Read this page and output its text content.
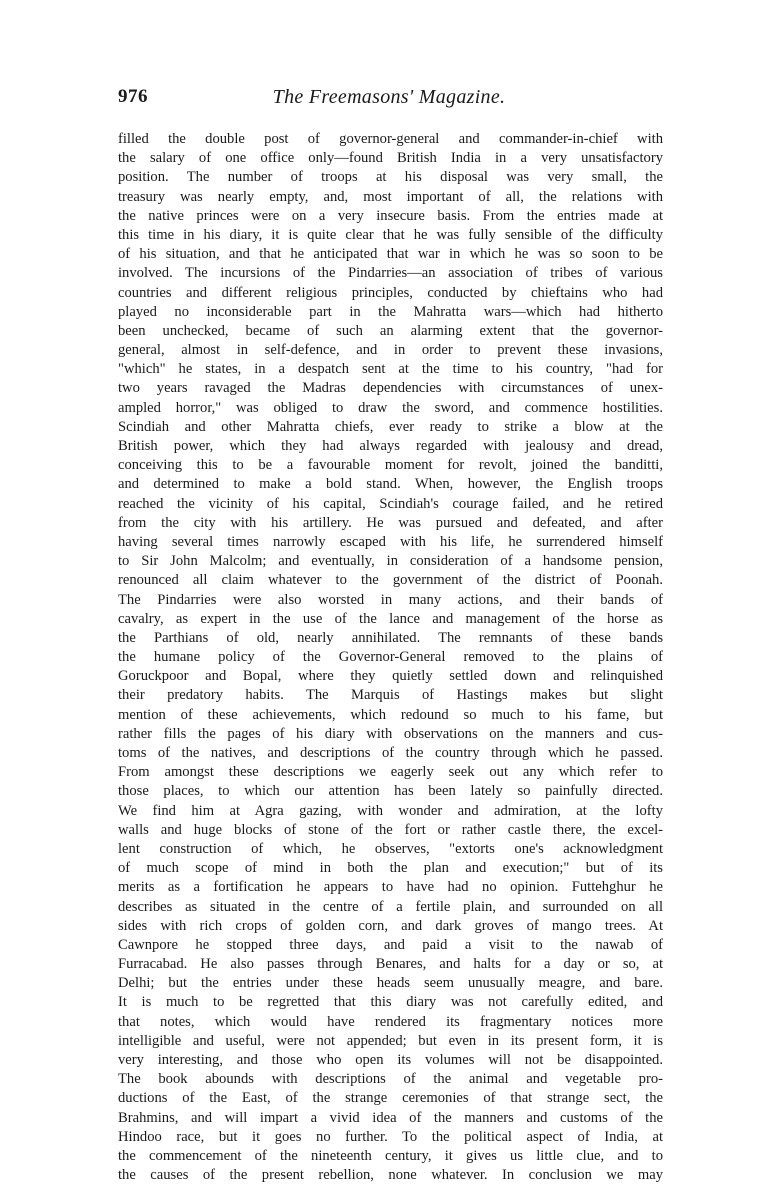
976	The Freemasons' Magazine.
filled the double post of governor-general and commander-in-chief with
the salary of one office only—found British India in a very unsatisfactory
position. The number of troops at his disposal was very small, the
treasury was nearly empty, and, most important of all, the relations with
the native princes were on a very insecure basis. From the entries made at
this time in his diary, it is quite clear that he was fully sensible of the difficulty
of his situation, and that he anticipated that war in which he was so soon to be
involved. The incursions of the Pindarries—an association of tribes of various
countries and different religious principles, conducted by chieftains who had
played no inconsiderable part in the Mahratta wars—which had hitherto
been unchecked, became of such an alarming extent that the governor-
general, almost in self-defence, and in order to prevent these invasions,
"which" he states, in a despatch sent at the time to his country, "had for
two years ravaged the Madras dependencies with circumstances of unex-
ampled horror," was obliged to draw the sword, and commence hostilities.
Scindiah and other Mahratta chiefs, ever ready to strike a blow at the
British power, which they had always regarded with jealousy and dread,
conceiving this to be a favourable moment for revolt, joined the banditti,
and determined to make a bold stand. When, however, the English troops
reached the vicinity of his capital, Scindiah's courage failed, and he retired
from the city with his artillery. He was pursued and defeated, and after
having several times narrowly escaped with his life, he surrendered himself
to Sir John Malcolm; and eventually, in consideration of a handsome pension,
renounced all claim whatever to the government of the district of Poonah.
The Pindarries were also worsted in many actions, and their bands of
cavalry, as expert in the use of the lance and management of the horse as
the Parthians of old, nearly annihilated. The remnants of these bands
the humane policy of the Governor-General removed to the plains of
Goruckpoor and Bopal, where they quietly settled down and relinquished
their predatory habits. The Marquis of Hastings makes but slight
mention of these achievements, which redound so much to his fame, but
rather fills the pages of his diary with observations on the manners and cus-
toms of the natives, and descriptions of the country through which he passed.
From amongst these descriptions we eagerly seek out any which refer to
those places, to which our attention has been lately so painfully directed.
We find him at Agra gazing, with wonder and admiration, at the lofty
walls and huge blocks of stone of the fort or rather castle there, the excel-
lent construction of which, he observes, "extorts one's acknowledgment
of much scope of mind in both the plan and execution;" but of its
merits as a fortification he appears to have had no opinion. Futtehghur he
describes as situated in the centre of a fertile plain, and surrounded on all
sides with rich crops of golden corn, and dark groves of mango trees. At
Cawnpore he stopped three days, and paid a visit to the nawab of
Furracabad. He also passes through Benares, and halts for a day or so, at
Delhi; but the entries under these heads seem unusually meagre, and bare.
It is much to be regretted that this diary was not carefully edited, and
that notes, which would have rendered its fragmentary notices more
intelligible and useful, were not appended; but even in its present form, it is
very interesting, and those who open its volumes will not be disappointed.
The book abounds with descriptions of the animal and vegetable pro-
ductions of the East, of the strange ceremonies of that strange sect, the
Brahmins, and will impart a vivid idea of the manners and customs of the
Hindoo race, but it goes no further. To the political aspect of India, at
the commencement of the nineteenth century, it gives us little clue, and to
the causes of the present rebellion, none whatever. In conclusion we may
